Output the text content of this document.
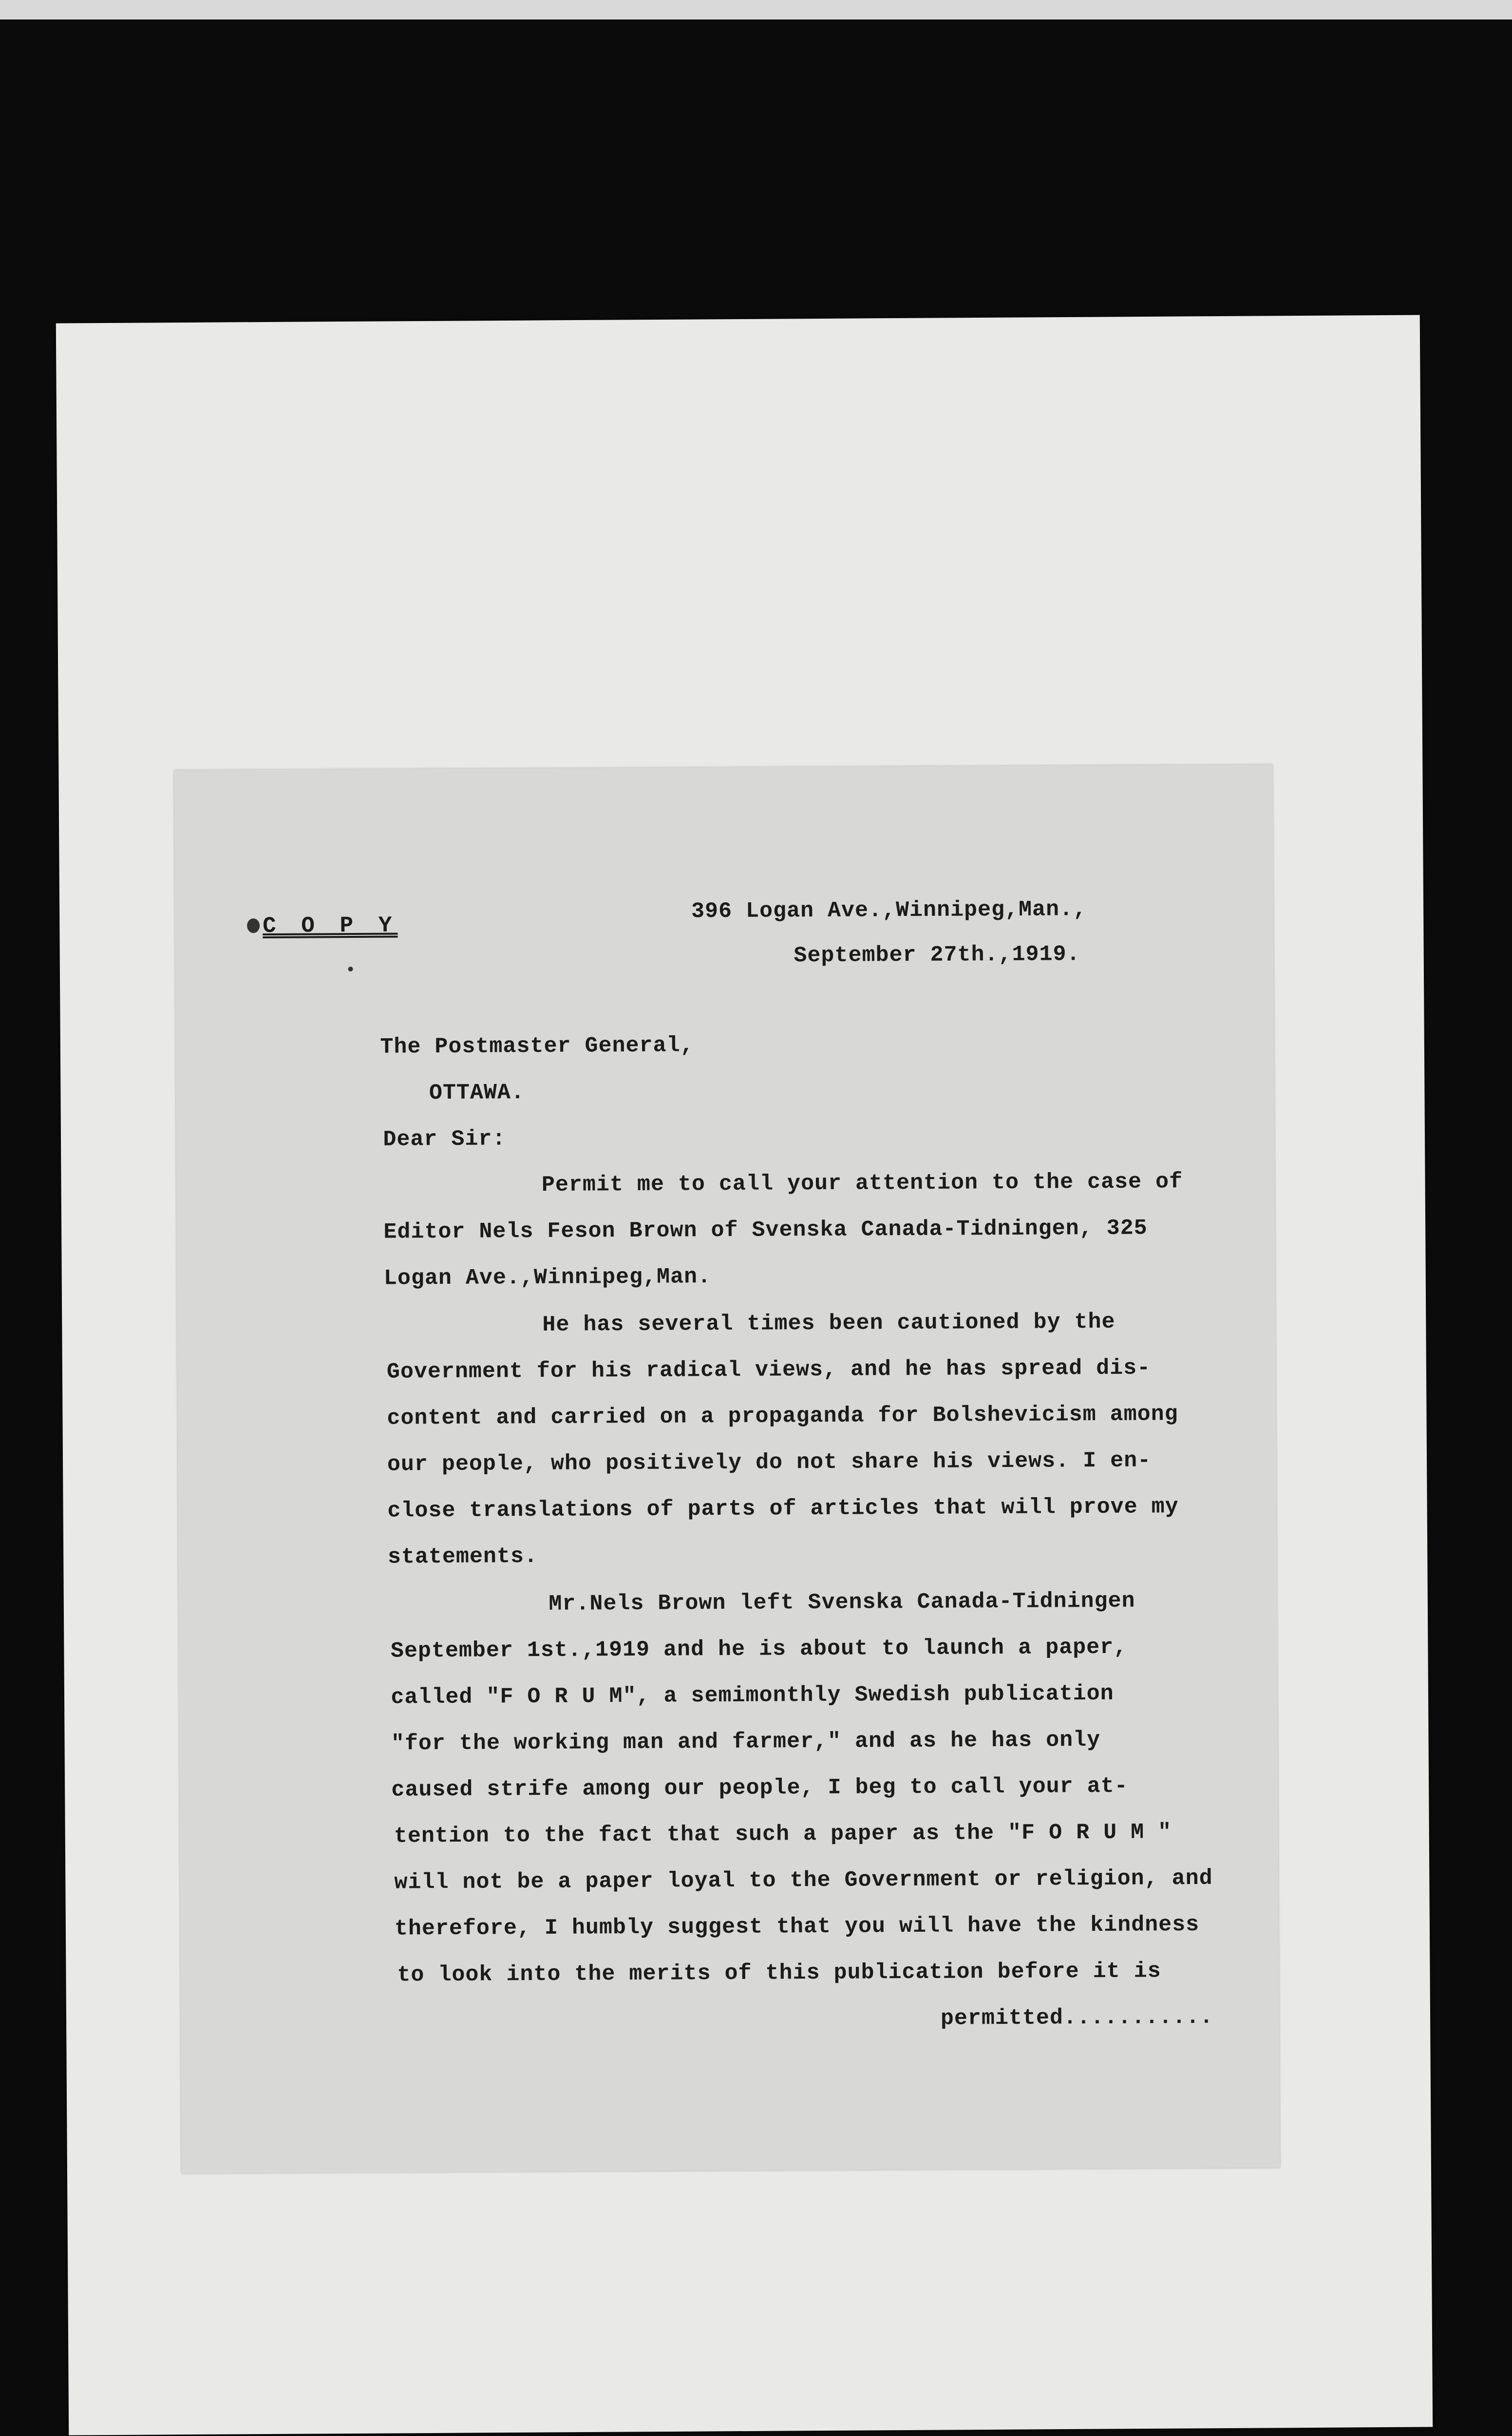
C O P Y
396 Logan Ave.,Winnipeg,Man.,
September 27th.,1919.
The Postmaster General,
OTTAWA.
Dear Sir:
Permit me to call your attention to the case of
Editor Nels Feson Brown of Svenska Canada-Tidningen, 325
Logan Ave.,Winnipeg,Man.
He has several times been cautioned by the
Government for his radical views, and he has spread dis-
content and carried on a propaganda for Bolshevicism among
our people, who positively do not share his views. I en-
close translations of parts of articles that will prove my
statements.
Mr.Nels Brown left Svenska Canada-Tidningen
September 1st.,1919 and he is about to launch a paper,
called "F O R U M", a semimonthly Swedish publication
"for the working man and farmer," and as he has only
caused strife among our people, I beg to call your at-
tention to the fact that such a paper as the "F O R U M "
will not be a paper loyal to the Government or religion, and
therefore, I humbly suggest that you will have the kindness
to look into the merits of this publication before it is
permitted...........
